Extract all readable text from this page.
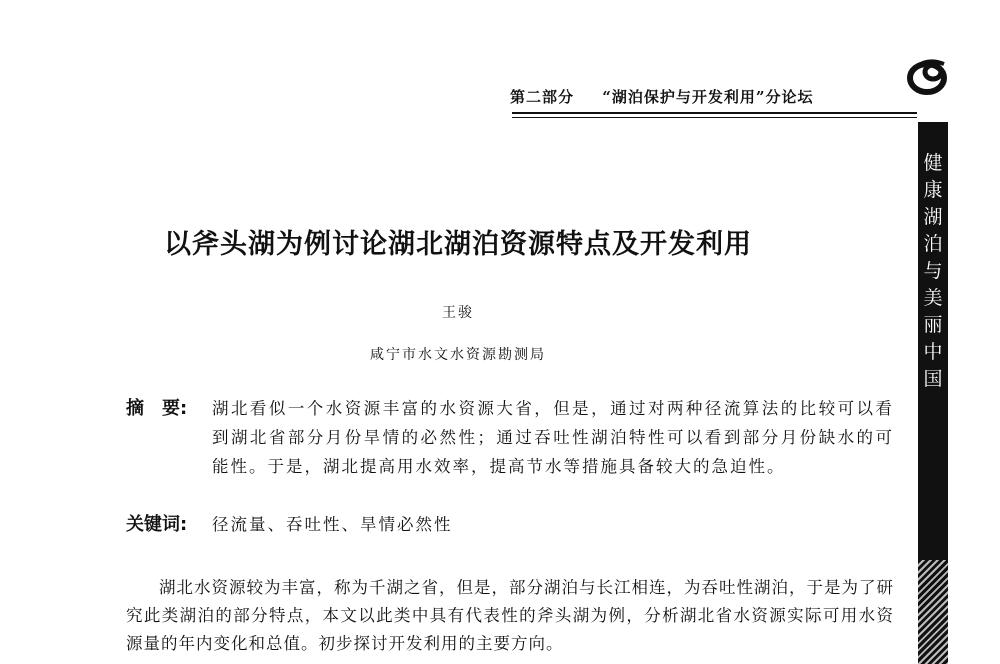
第二部分 “湖泊保护与开发利用”分论坛
健
康
湖
泊
与
美
丽
中
国
以斧头湖为例讨论湖北湖泊资源特点及开发利用
王骏
咸宁市水文水资源勘测局
摘 要: 湖北看似一个水资源丰富的水资源大省，但是，通过对两种径流算法的比较可以看到湖北省部分月份旱情的必然性；通过吞吐性湖泊特性可以看到部分月份缺水的可能性。于是，湖北提高用水效率，提高节水等措施具备较大的急迫性。
关键词: 径流量、吞吐性、旱情必然性
湖北水资源较为丰富，称为千湖之省，但是，部分湖泊与长江相连，为吞吐性湖泊，于是为了研究此类湖泊的部分特点，本文以此类中具有代表性的斧头湖为例，分析湖北省水资源实际可用水资源量的年内变化和总值。初步探讨开发利用的主要方向。
